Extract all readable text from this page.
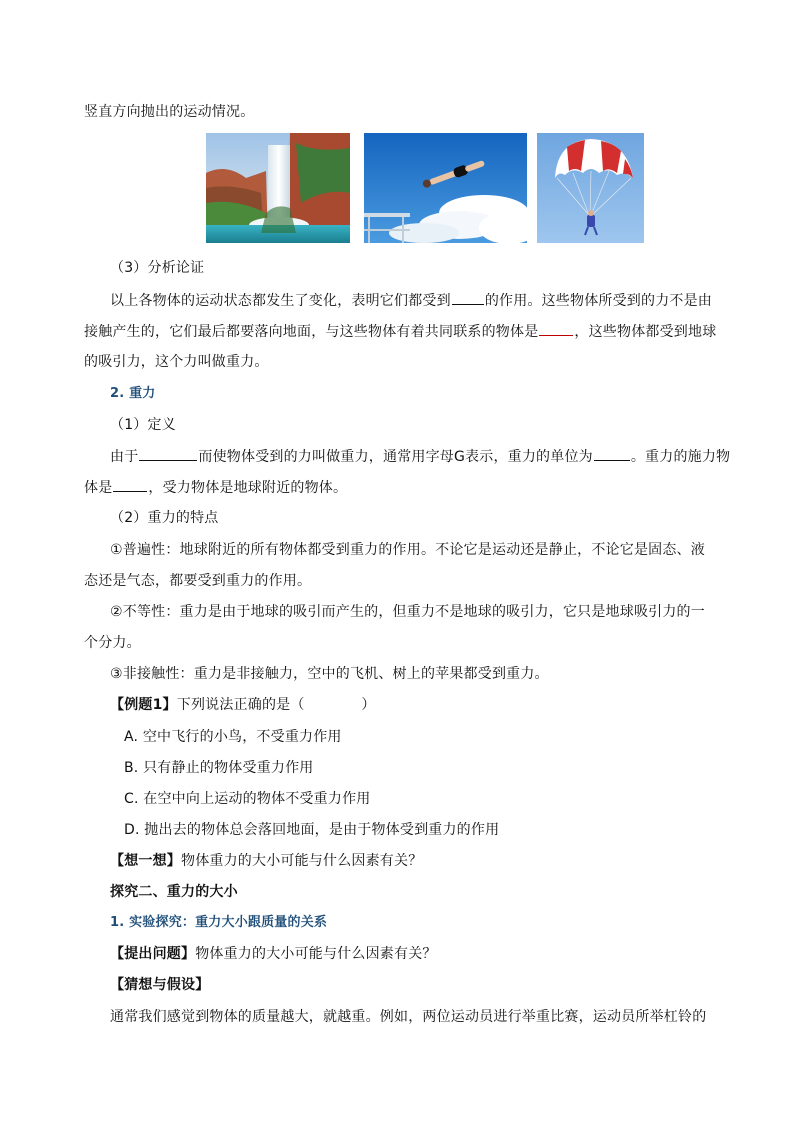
竖直方向抛出的运动情况。
（3）分析论证
以上各物体的运动状态都发生了变化，表明它们都受到 的作用。这些物体所受到的力不是由
接触产生的，它们最后都要落向地面，与这些物体有着共同联系的物体是	，这些物体都受到地球
的吸引力，这个力叫做重力。
2. 重力
（1）定义
由于	而使物体受到的力叫做重力，通常用字母G表示，重力的单位为	。重力的施力物
体是	，受力物体是地球附近的物体。
（2）重力的特点
①普遍性：地球附近的所有物体都受到重力的作用。不论它是运动还是静止，不论它是固态、液
态还是气态，都要受到重力的作用。
②不等性：重力是由于地球的吸引而产生的，但重力不是地球的吸引力，它只是地球吸引力的一
个分力。
③非接触性：重力是非接触力，空中的飞机、树上的苹果都受到重力。
【例题1】下列说法正确的是（　　　　）
A. 空中飞行的小鸟，不受重力作用
B. 只有静止的物体受重力作用
C. 在空中向上运动的物体不受重力作用
D. 抛出去的物体总会落回地面，是由于物体受到重力的作用
【想一想】物体重力的大小可能与什么因素有关？
探究二、重力的大小
1. 实验探究：重力大小跟质量的关系
【提出问题】物体重力的大小可能与什么因素有关？
【猜想与假设】
通常我们感觉到物体的质量越大，就越重。例如，两位运动员进行举重比赛，运动员所举杠铃的
